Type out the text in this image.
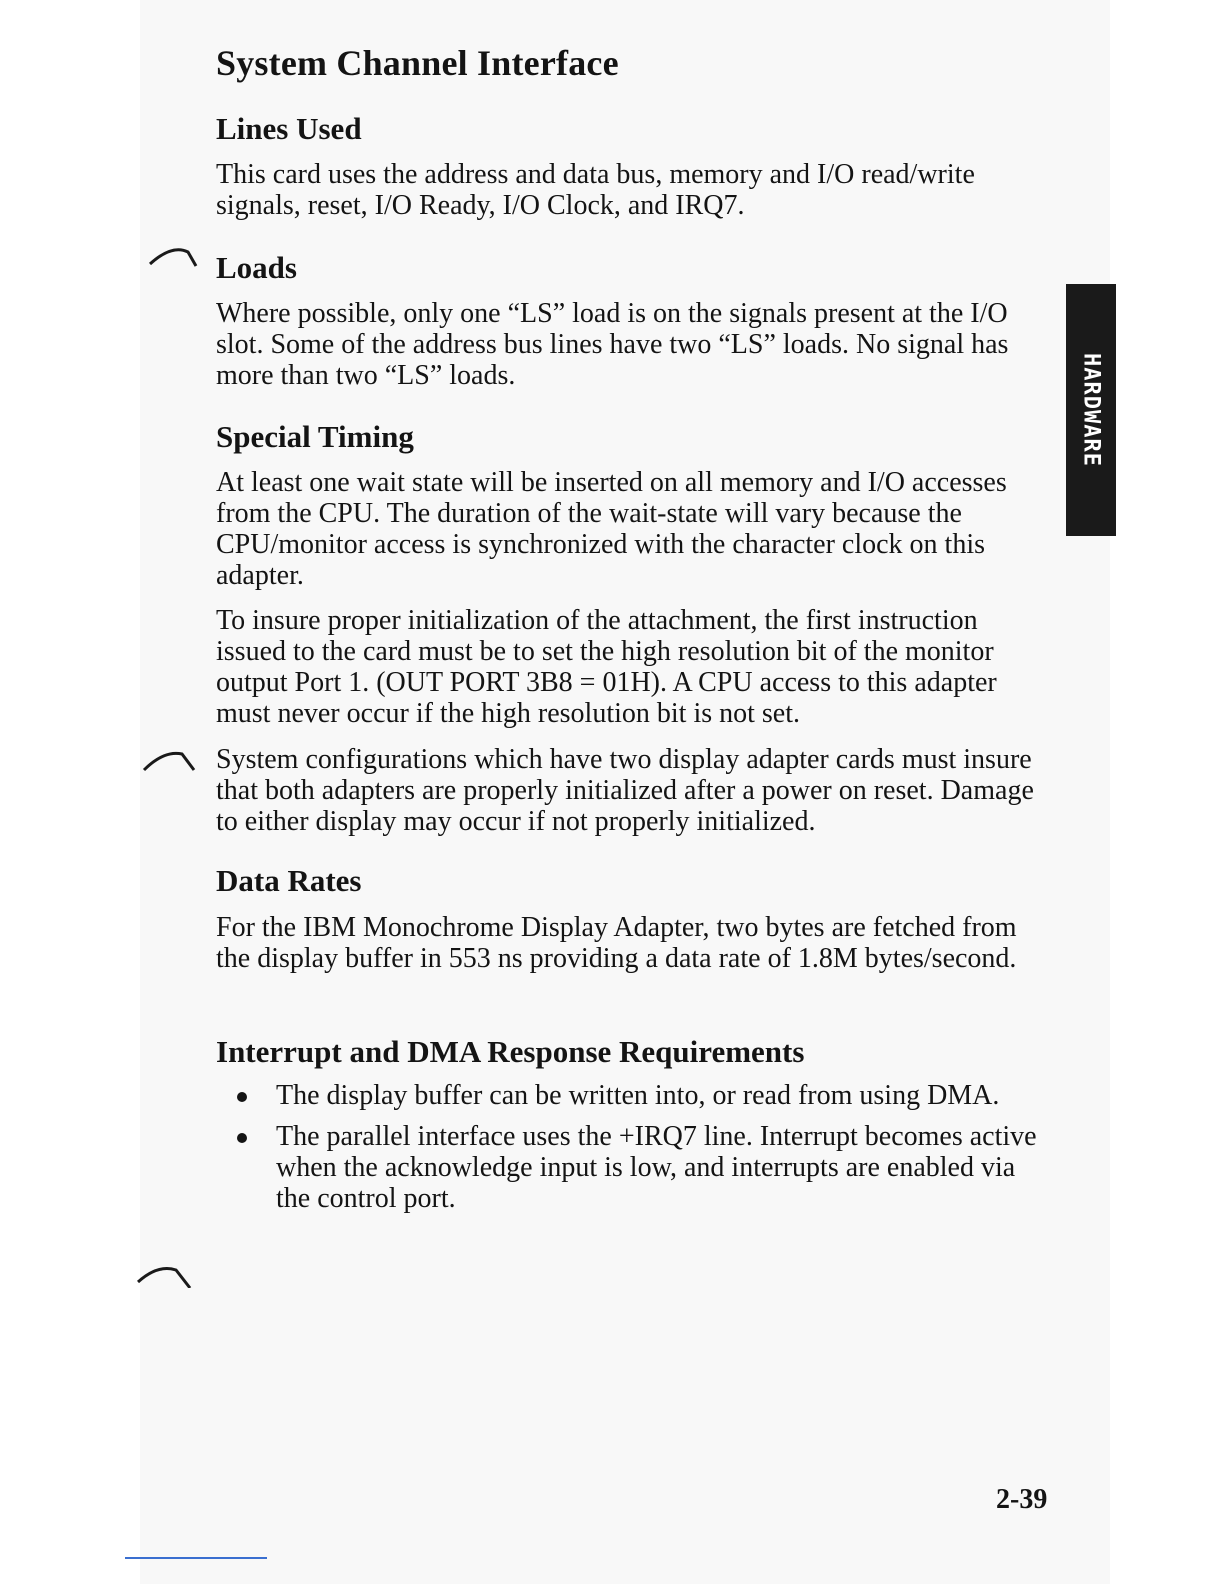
System Channel Interface
Lines Used

This card uses the address and data bus, memory and I/O read/write signals, reset, I/O Ready, I/O Clock, and IRQ7.

Loads

Where possible, only one “LS” load is on the signals present at the I/O slot. Some of the address bus lines have two “LS” loads. No signal has more than two “LS” loads.

Special Timing

At least one wait state will be inserted on all memory and I/O accesses from the CPU. The duration of the wait-state will vary because the CPU/monitor access is synchronized with the character clock on this adapter.

To insure proper initialization of the attachment, the first instruction issued to the card must be to set the high resolution bit of the monitor output Port 1. (OUT PORT 3B8 = 01H). A CPU access to this adapter must never occur if the high resolution bit is not set.

System configurations which have two display adapter cards must insure that both adapters are properly initialized after a power on reset. Damage to either display may occur if not properly initialized.

Data Rates

For the IBM Monochrome Display Adapter, two bytes are fetched from the display buffer in 553 ns providing a data rate of 1.8M bytes/second.

Interrupt and DMA Response Requirements
The display buffer can be written into, or read from using DMA.
The parallel interface uses the +IRQ7 line. Interrupt becomes active when the acknowledge input is low, and interrupts are enabled via the control port.
HARDWARE

2-39
